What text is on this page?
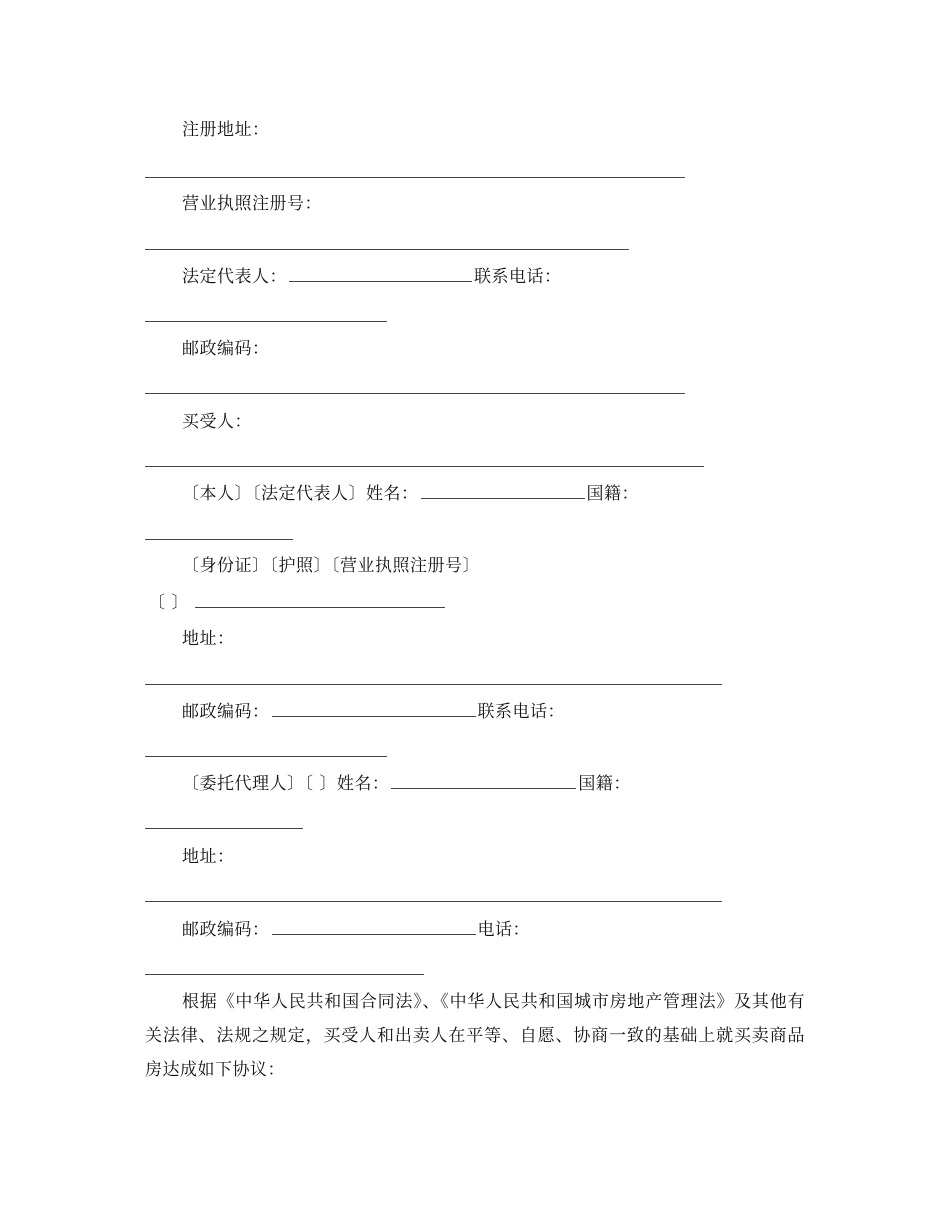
注册地址：
营业执照注册号：
法定代表人：	联系电话：
邮政编码：
买受人：
〔本人〕〔法定代表人〕姓名：	国籍：
〔身份证〕〔护照〕〔营业执照注册号〕
〔 〕
地址：
邮政编码：	联系电话：
〔委托代理人〕〔 〕姓名：	国籍：
地址：
邮政编码：	电话：
根据《中华人民共和国合同法》、《中华人民共和国城市房地产管理法》及其他有关法律、法规之规定，买受人和出卖人在平等、自愿、协商一致的基础上就买卖商品房达成如下协议：
